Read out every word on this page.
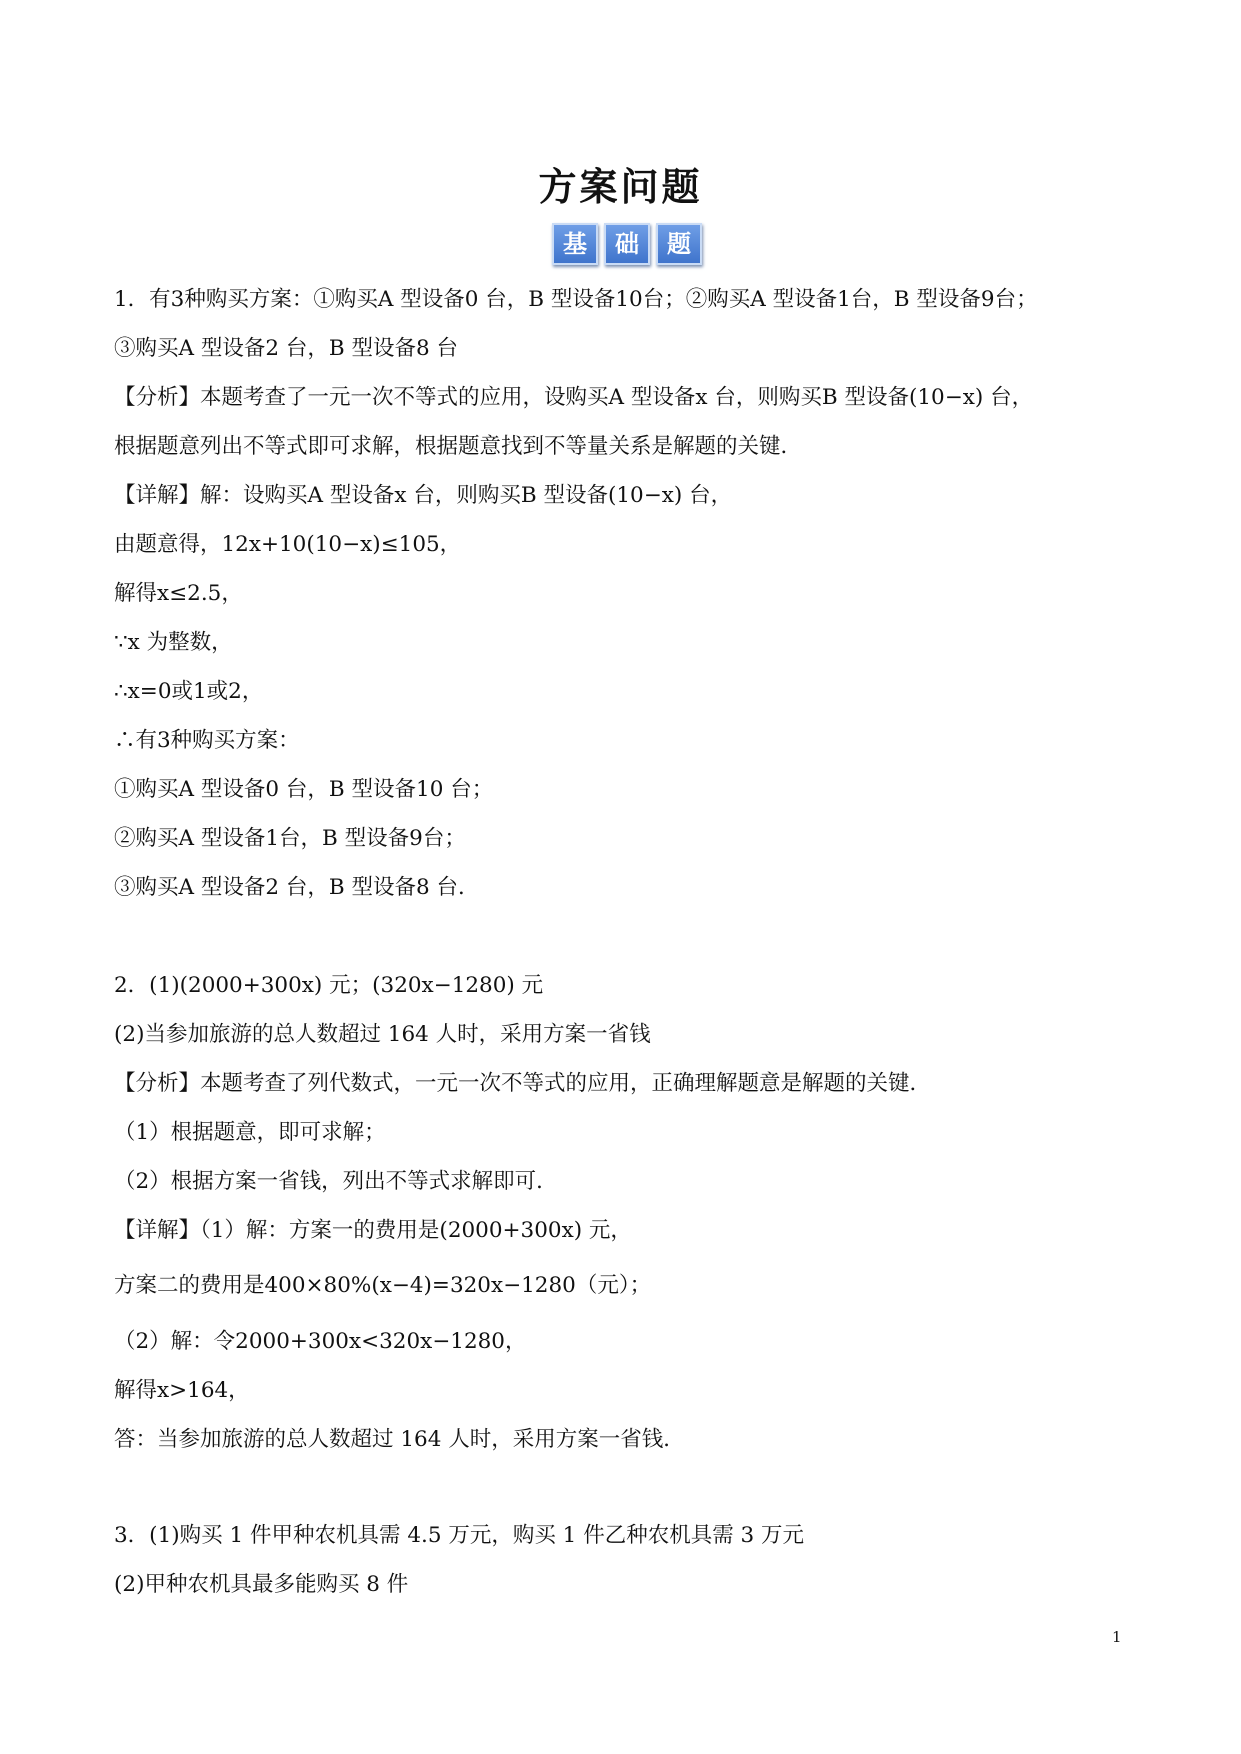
方案问题
基	础	题
1．有3种购买方案：①购买A 型设备0 台，B 型设备10台；②购买A 型设备1台，B 型设备9台；
③购买A 型设备2 台，B 型设备8 台
【分析】本题考查了一元一次不等式的应用，设购买A 型设备x 台，则购买B 型设备(10−x) 台，
根据题意列出不等式即可求解，根据题意找到不等量关系是解题的关键．
【详解】解：设购买A 型设备x 台，则购买B 型设备(10−x) 台，
由题意得，12x+10(10−x)≤105，
解得x≤2.5，
∵x 为整数，
∴x=0或1或2，
∴有3种购买方案：
①购买A 型设备0 台，B 型设备10 台；
②购买A 型设备1台，B 型设备9台；
③购买A 型设备2 台，B 型设备8 台．
2．(1)(2000+300x) 元；(320x−1280) 元
(2)当参加旅游的总人数超过 164 人时，采用方案一省钱
【分析】本题考查了列代数式，一元一次不等式的应用，正确理解题意是解题的关键．
（1）根据题意，即可求解；
（2）根据方案一省钱，列出不等式求解即可．
【详解】（1）解：方案一的费用是(2000+300x) 元，
方案二的费用是400×80%(x−4)=320x−1280（元）；
（2）解：令2000+300x<320x−1280，
解得x>164，
答：当参加旅游的总人数超过 164 人时，采用方案一省钱．
3．(1)购买 1 件甲种农机具需 4.5 万元，购买 1 件乙种农机具需 3 万元
(2)甲种农机具最多能购买 8 件
1
